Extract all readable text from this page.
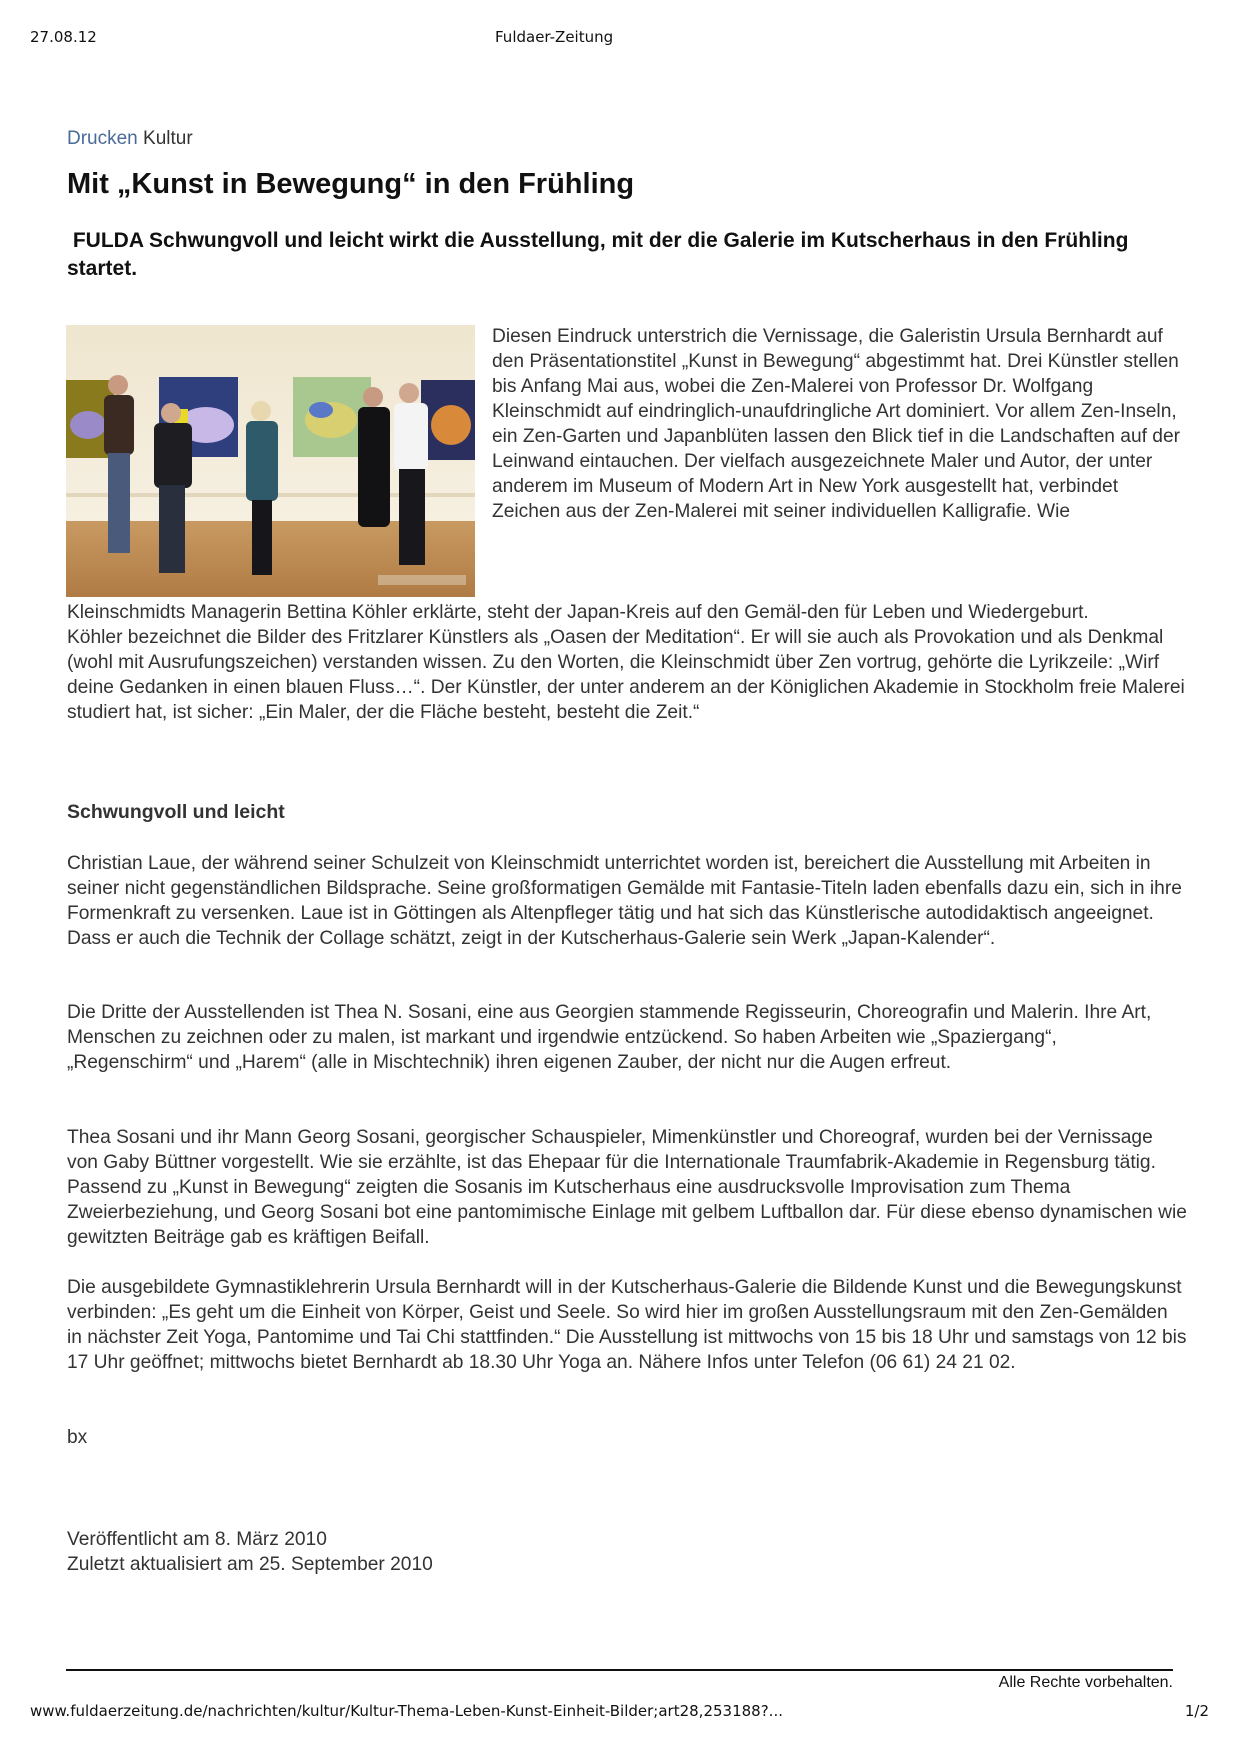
27.08.12	Fuldaer-Zeitung
Drucken Kultur
Mit „Kunst in Bewegung“ in den Frühling

FULDA Schwungvoll und leicht wirkt die Ausstellung, mit der die Galerie im Kutscherhaus in den Frühling startet.

Diesen Eindruck unterstrich die Vernissage, die Galeristin Ursula Bernhardt auf den Präsentationstitel „Kunst in Bewegung“ abgestimmt hat. Drei Künstler stellen bis Anfang Mai aus, wobei die Zen-Malerei von Professor Dr. Wolfgang Kleinschmidt auf eindringlich-unaufdringliche Art dominiert. Vor allem Zen-Inseln, ein Zen-Garten und Japanblüten lassen den Blick tief in die Landschaften auf der Leinwand eintauchen. Der vielfach ausgezeichnete Maler und Autor, der unter anderem im Museum of Modern Art in New York ausgestellt hat, verbindet Zeichen aus der Zen-Malerei mit seiner individuellen Kalligrafie. Wie

Kleinschmidts Managerin Bettina Köhler erklärte, steht der Japan-Kreis auf den Gemäl-den für Leben und Wiedergeburt.

Köhler bezeichnet die Bilder des Fritzlarer Künstlers als „Oasen der Meditation“. Er will sie auch als Provokation und als Denkmal (wohl mit Ausrufungszeichen) verstanden wissen. Zu den Worten, die Kleinschmidt über Zen vortrug, gehörte die Lyrikzeile: „Wirf deine Gedanken in einen blauen Fluss…“. Der Künstler, der unter anderem an der Königlichen Akademie in Stockholm freie Malerei studiert hat, ist sicher: „Ein Maler, der die Fläche besteht, besteht die Zeit.“

Schwungvoll und leicht

Christian Laue, der während seiner Schulzeit von Kleinschmidt unterrichtet worden ist, bereichert die Ausstellung mit Arbeiten in seiner nicht gegenständlichen Bildsprache. Seine großformatigen Gemälde mit Fantasie-Titeln laden ebenfalls dazu ein, sich in ihre Formenkraft zu versenken. Laue ist in Göttingen als Altenpfleger tätig und hat sich das Künstlerische autodidaktisch angeeignet. Dass er auch die Technik der Collage schätzt, zeigt in der Kutscherhaus-Galerie sein Werk „Japan-Kalender“.

Die Dritte der Ausstellenden ist Thea N. Sosani, eine aus Georgien stammende Regisseurin, Choreografin und Malerin. Ihre Art, Menschen zu zeichnen oder zu malen, ist markant und irgendwie entzückend. So haben Arbeiten wie „Spaziergang“, „Regenschirm“ und „Harem“ (alle in Mischtechnik) ihren eigenen Zauber, der nicht nur die Augen erfreut.

Thea Sosani und ihr Mann Georg Sosani, georgischer Schauspieler, Mimenkünstler und Choreograf, wurden bei der Vernissage von Gaby Büttner vorgestellt. Wie sie erzählte, ist das Ehepaar für die Internationale Traumfabrik-Akademie in Regensburg tätig. Passend zu „Kunst in Bewegung“ zeigten die Sosanis im Kutscherhaus eine ausdrucksvolle Improvisation zum Thema Zweierbeziehung, und Georg Sosani bot eine pantomimische Einlage mit gelbem Luftballon dar. Für diese ebenso dynamischen wie gewitzten Beiträge gab es kräftigen Beifall.

Die ausgebildete Gymnastiklehrerin Ursula Bernhardt will in der Kutscherhaus-Galerie die Bildende Kunst und die Bewegungskunst verbinden: „Es geht um die Einheit von Körper, Geist und Seele. So wird hier im großen Ausstellungsraum mit den Zen-Gemälden in nächster Zeit Yoga, Pantomime und Tai Chi stattfinden.“ Die Ausstellung ist mittwochs von 15 bis 18 Uhr und samstags von 12 bis 17 Uhr geöffnet; mittwochs bietet Bernhardt ab 18.30 Uhr Yoga an. Nähere Infos unter Telefon (06 61) 24 21 02.

bx
Veröffentlicht am 8. März 2010
Zuletzt aktualisiert am 25. September 2010
Alle Rechte vorbehalten.
www.fuldaerzeitung.de/nachrichten/kultur/Kultur-Thema-Leben-Kunst-Einheit-Bilder;art28,253188?...	1/2
